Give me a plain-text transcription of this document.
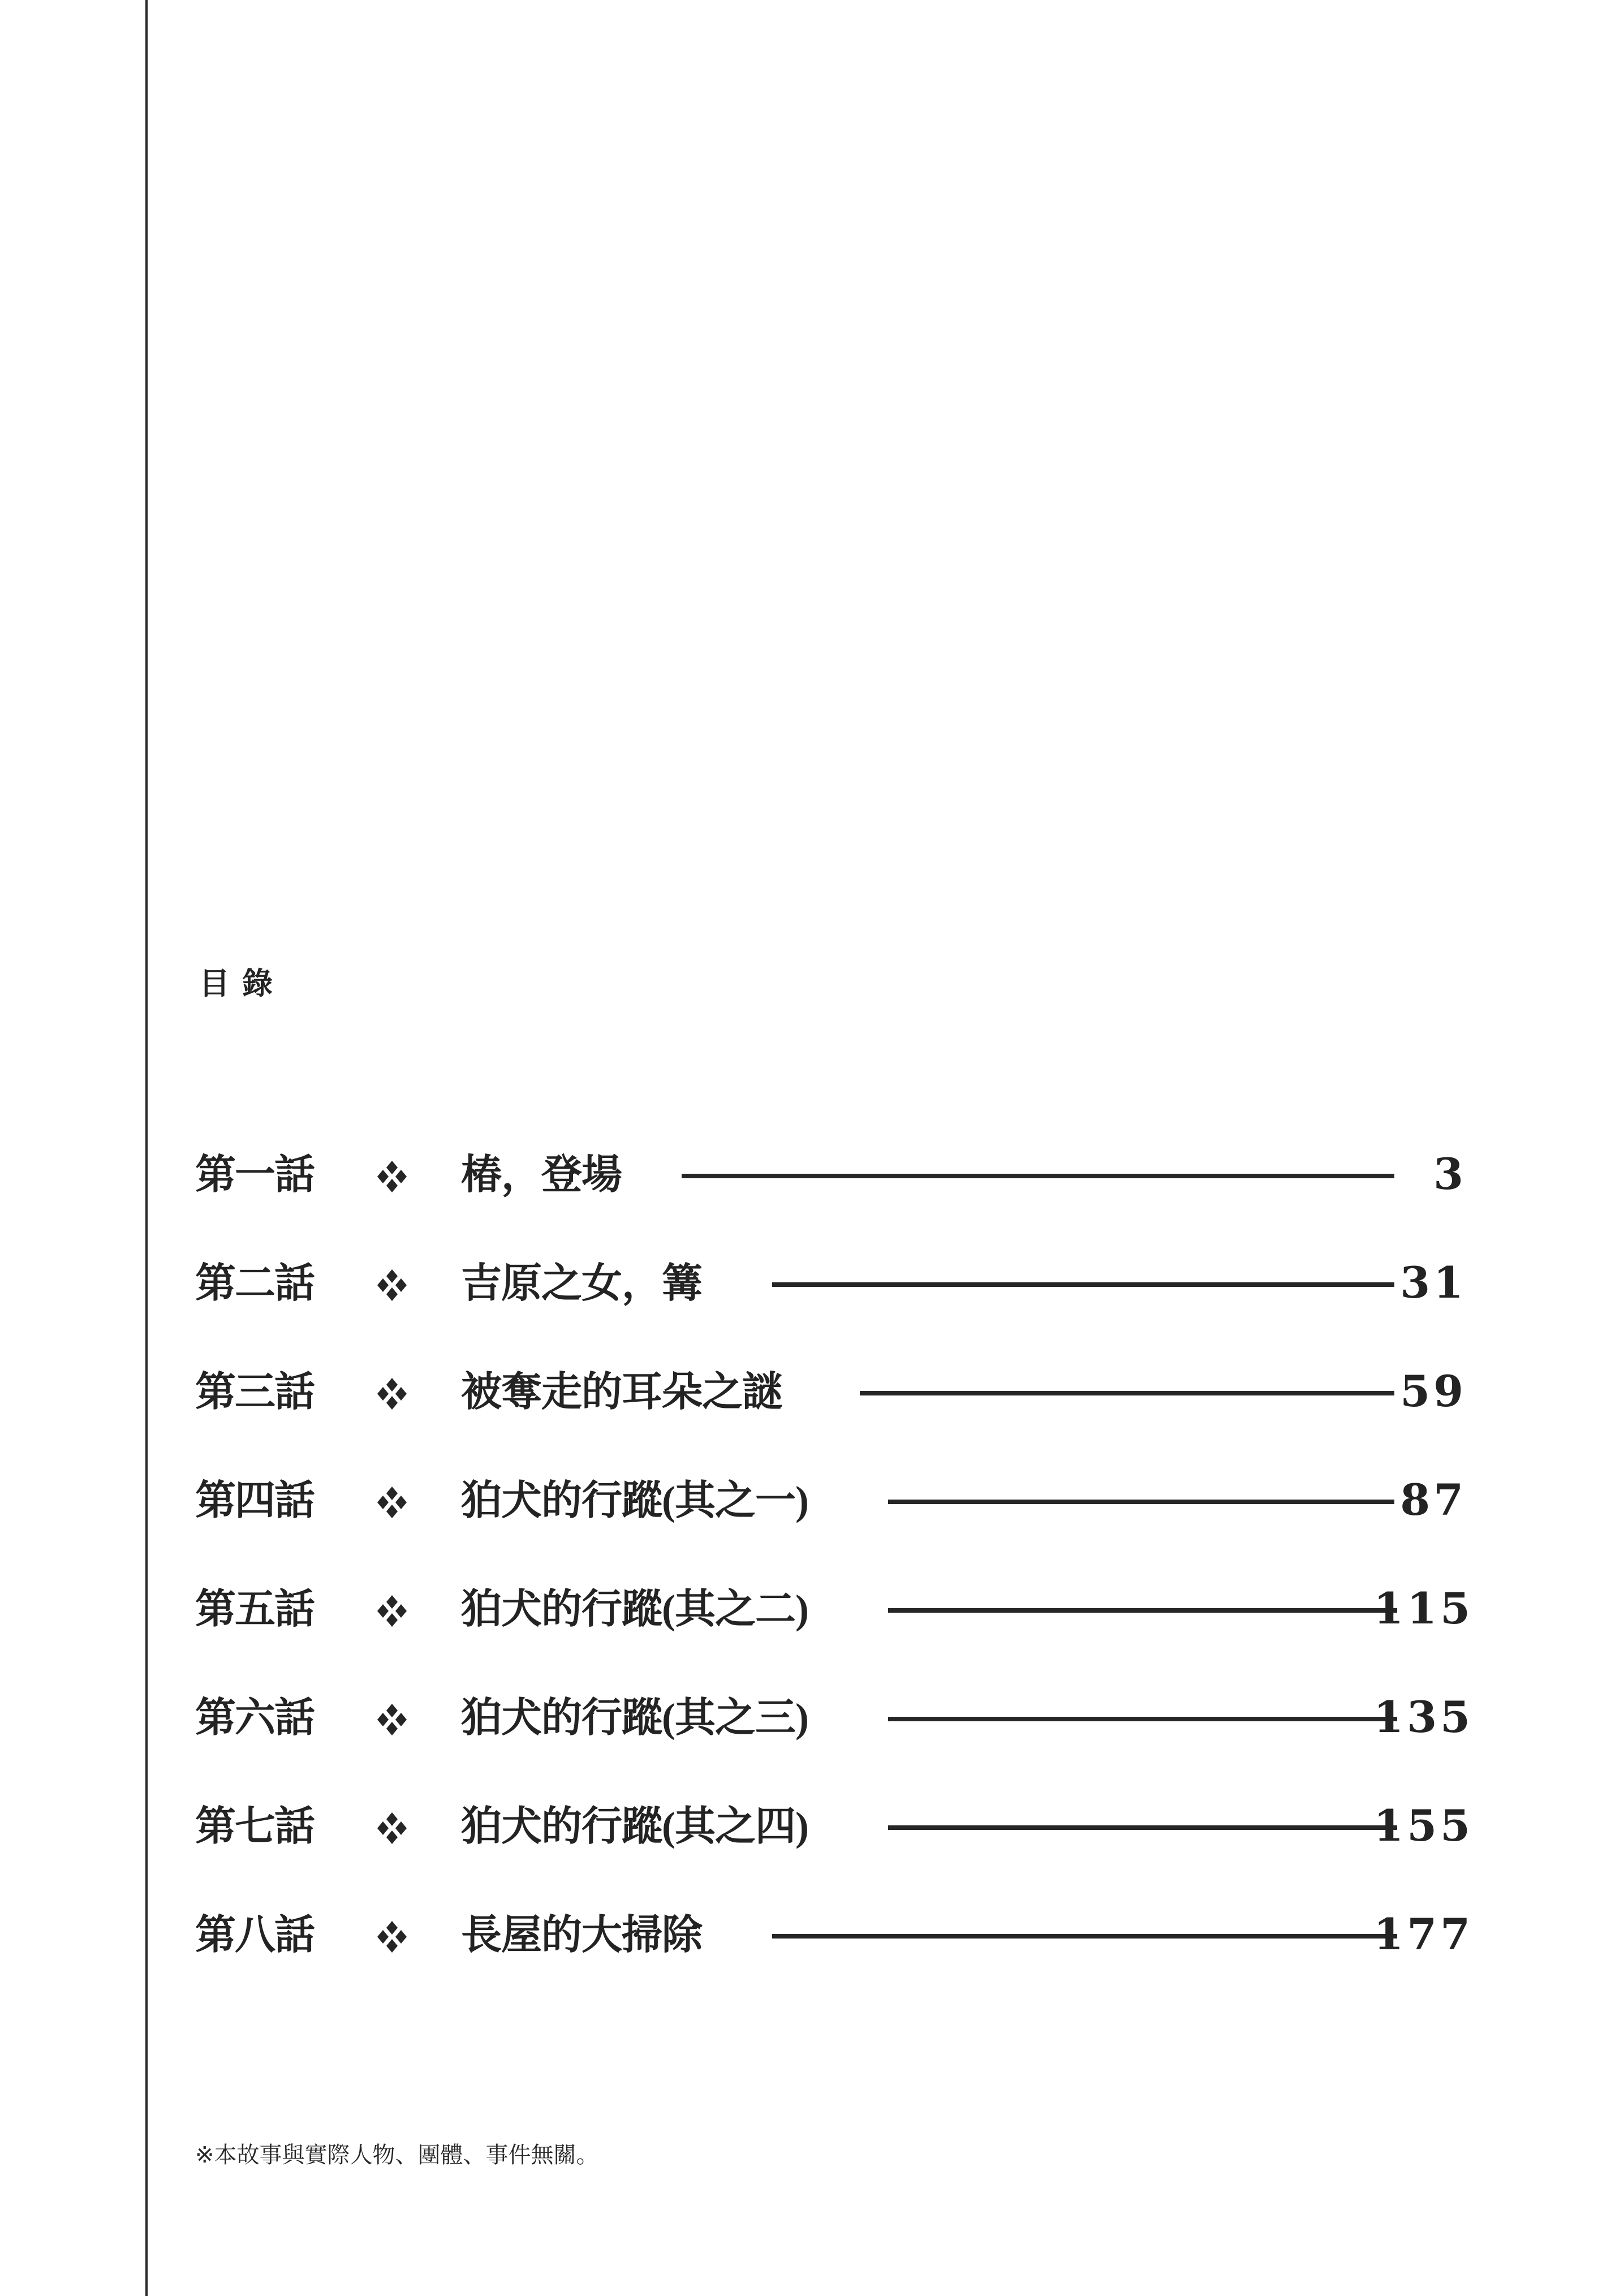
目錄
第一話	椿，登場	3
第二話	吉原之女，篝	31
第三話	被奪走的耳朵之謎	59
第四話	狛犬的行蹤(其之一)	87
第五話	狛犬的行蹤(其之二)	115
第六話	狛犬的行蹤(其之三)	135
第七話	狛犬的行蹤(其之四)	155
第八話	長屋的大掃除	177
※本故事與實際人物、團體、事件無關。
